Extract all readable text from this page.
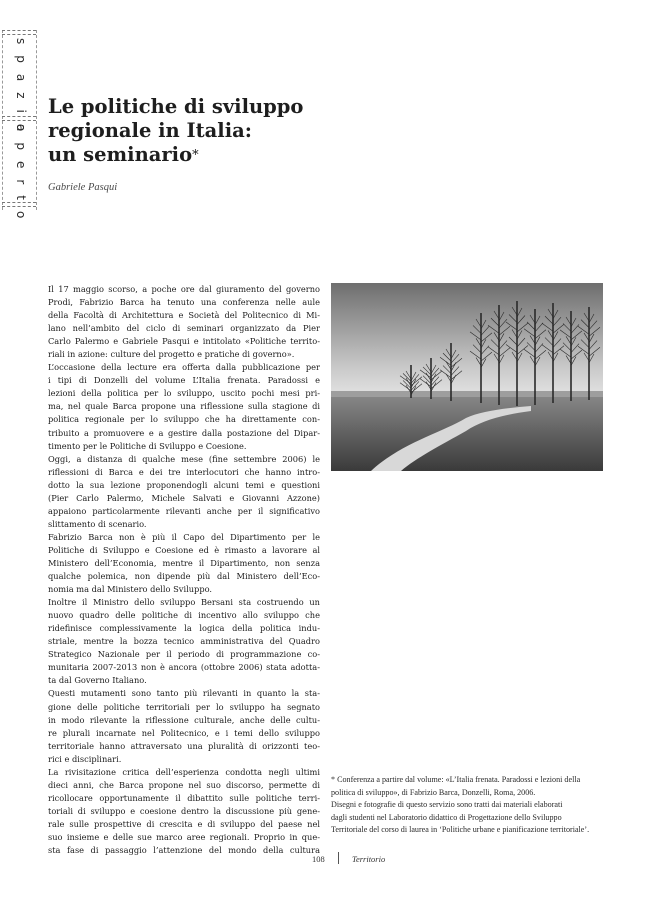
spazio
aperto
Le politiche di sviluppo
regionale in Italia:
un seminario*
Gabriele Pasqui
Il 17 maggio scorso, a poche ore dal giuramento del governo
Prodi, Fabrizio Barca ha tenuto una conferenza nelle aule
della Facoltà di Architettura e Società del Politecnico di Mi-
lano nell’ambito del ciclo di seminari organizzato da Pier
Carlo Palermo e Gabriele Pasqui e intitolato «Politiche territo-
riali in azione: culture del progetto e pratiche di governo».
L’occasione della lecture era offerta dalla pubblicazione per
i tipi di Donzelli del volume L’Italia frenata. Paradossi e
lezioni della politica per lo sviluppo, uscito pochi mesi pri-
ma, nel quale Barca propone una riflessione sulla stagione di
politica regionale per lo sviluppo che ha direttamente con-
tribuito a promuovere e a gestire dalla postazione del Dipar-
timento per le Politiche di Sviluppo e Coesione.
Oggi, a distanza di qualche mese (fine settembre 2006) le
riflessioni di Barca e dei tre interlocutori che hanno intro-
dotto la sua lezione proponendogli alcuni temi e questioni
(Pier Carlo Palermo, Michele Salvati e Giovanni Azzone)
appaiono particolarmente rilevanti anche per il significativo
slittamento di scenario.
Fabrizio Barca non è più il Capo del Dipartimento per le
Politiche di Sviluppo e Coesione ed è rimasto a lavorare al
Ministero dell’Economia, mentre il Dipartimento, non senza
qualche polemica, non dipende più dal Ministero dell’Eco-
nomia ma dal Ministero dello Sviluppo.
Inoltre il Ministro dello sviluppo Bersani sta costruendo un
nuovo quadro delle politiche di incentivo allo sviluppo che
ridefinisce complessivamente la logica della politica indu-
striale, mentre la bozza tecnico amministrativa del Quadro
Strategico Nazionale per il periodo di programmazione co-
munitaria 2007-2013 non è ancora (ottobre 2006) stata adotta-
ta dal Governo Italiano.
Questi mutamenti sono tanto più rilevanti in quanto la sta-
gione delle politiche territoriali per lo sviluppo ha segnato
in modo rilevante la riflessione culturale, anche delle cultu-
re plurali incarnate nel Politecnico, e i temi dello sviluppo
territoriale hanno attraversato una pluralità di orizzonti teo-
rici e disciplinari.
La rivisitazione critica dell’esperienza condotta negli ultimi
dieci anni, che Barca propone nel suo discorso, permette di
ricollocare opportunamente il dibattito sulle politiche terri-
toriali di sviluppo e coesione dentro la discussione più gene-
rale sulle prospettive di crescita e di sviluppo del paese nel
suo insieme e delle sue marco aree regionali. Proprio in que-
sta fase di passaggio l’attenzione del mondo della cultura
* Conferenza a partire dal volume: «L’Italia frenata. Paradossi e lezioni della
politica di sviluppo», di Fabrizio Barca, Donzelli, Roma, 2006.
Disegni e fotografie di questo servizio sono tratti dai materiali elaborati
dagli studenti nel Laboratorio didattico di Progettazione dello Sviluppo
Territoriale del corso di laurea in ‘Politiche urbane e pianificazione territoriale’.
108	Territorio
